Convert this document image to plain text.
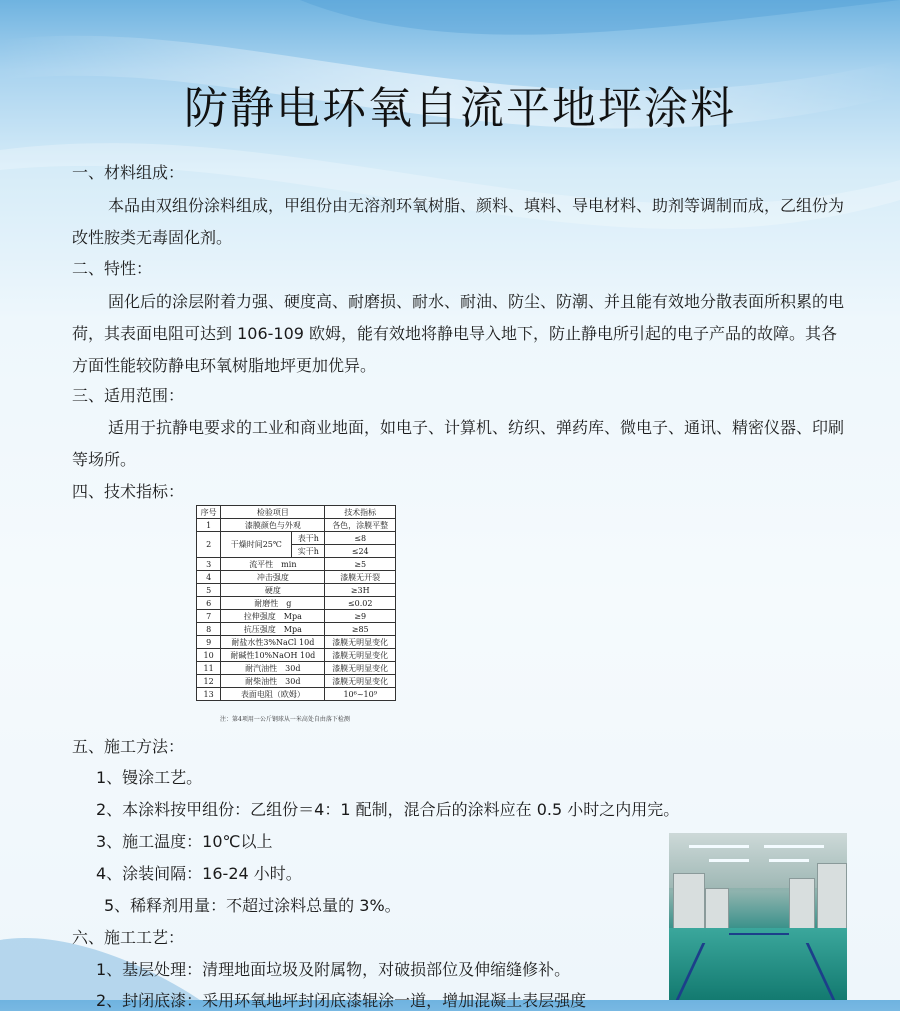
防静电环氧自流平地坪涂料
一、材料组成：
本品由双组份涂料组成，甲组份由无溶剂环氧树脂、颜料、填料、导电材料、助剂等调制而成，乙组份为改性胺类无毒固化剂。
二、特性：
固化后的涂层附着力强、硬度高、耐磨损、耐水、耐油、防尘、防潮、并且能有效地分散表面所积累的电荷，其表面电阻可达到 106-109 欧姆，能有效地将静电导入地下，防止静电所引起的电子产品的故障。其各方面性能较防静电环氧树脂地坪更加优异。
三、适用范围：
适用于抗静电要求的工业和商业地面，如电子、计算机、纺织、弹药库、微电子、通讯、精密仪器、印刷等场所。
四、技术指标：
序号	检验项目		技术指标
1	漆膜颜色与外观		各色，涂膜平整
2	干燥时间25℃	表干h	≤8
		实干h	≤24
3	流平性　min		≥5
4	冲击强度		漆膜无开裂
5	硬度		≥3H
6	耐磨性　g		≤0.02
7	拉伸强度　Mpa		≥9
8	抗压强度　Mpa		≥85
9	耐盐水性3%NaCl 10d		漆膜无明显变化
10	耐碱性10%NaOH 10d		漆膜无明显变化
11	耐汽油性　30d		漆膜无明显变化
12	耐柴油性　30d		漆膜无明显变化
13	表面电阻（欧姆）		10⁶~10⁹
注：第4项用一公斤钢球从一米高处自由落下检测
五、施工方法：
1、镘涂工艺。
2、本涂料按甲组份：乙组份＝4：1 配制，混合后的涂料应在 0.5 小时之内用完。
3、施工温度：10℃以上
4、涂装间隔：16-24 小时。
5、稀释剂用量：不超过涂料总量的 3%。
六、施工工艺：
1、基层处理：清理地面垃圾及附属物，对破损部位及伸缩缝修补。
2、封闭底漆：采用环氧地坪封闭底漆辊涂一道，增加混凝土表层强度
